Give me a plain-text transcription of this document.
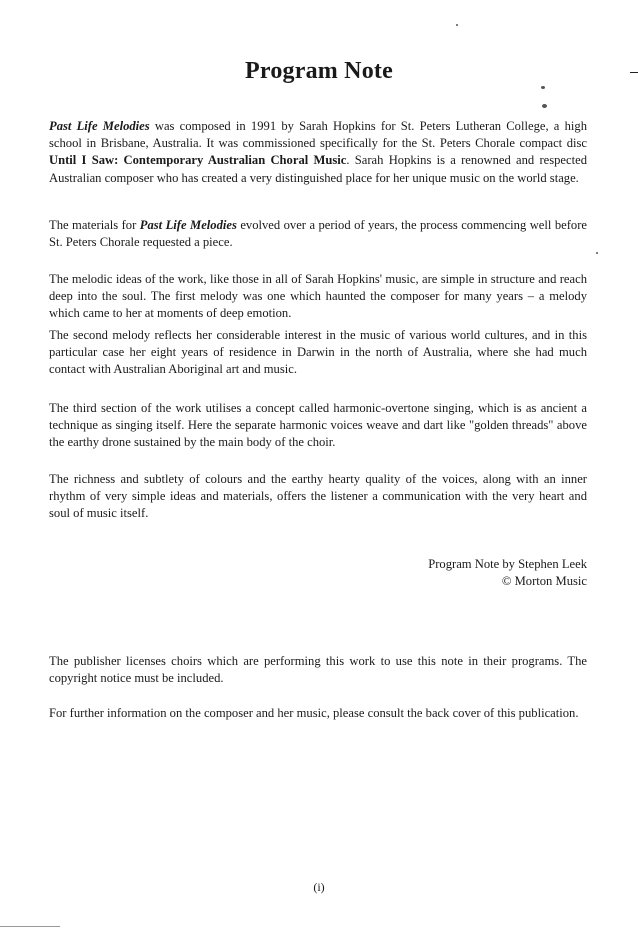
Program Note

Past Life Melodies was composed in 1991 by Sarah Hopkins for St. Peters Lutheran College, a high school in Brisbane, Australia. It was commissioned specifically for the St. Peters Chorale compact disc Until I Saw: Contemporary Australian Choral Music. Sarah Hopkins is a renowned and respected Australian composer who has created a very distinguished place for her unique music on the world stage.

The materials for Past Life Melodies evolved over a period of years, the process commencing well before St. Peters Chorale requested a piece.

The melodic ideas of the work, like those in all of Sarah Hopkins' music, are simple in structure and reach deep into the soul. The first melody was one which haunted the composer for many years – a melody which came to her at moments of deep emotion.

The second melody reflects her considerable interest in the music of various world cultures, and in this particular case her eight years of residence in Darwin in the north of Australia, where she had much contact with Australian Aboriginal art and music.

The third section of the work utilises a concept called harmonic-overtone singing, which is as ancient a technique as singing itself. Here the separate harmonic voices weave and dart like "golden threads" above the earthy drone sustained by the main body of the choir.

The richness and subtlety of colours and the earthy hearty quality of the voices, along with an inner rhythm of very simple ideas and materials, offers the listener a communication with the very heart and soul of music itself.

Program Note by Stephen Leek

© Morton Music

The publisher licenses choirs which are performing this work to use this note in their programs. The copyright notice must be included.

For further information on the composer and her music, please consult the back cover of this publication.

(i)
